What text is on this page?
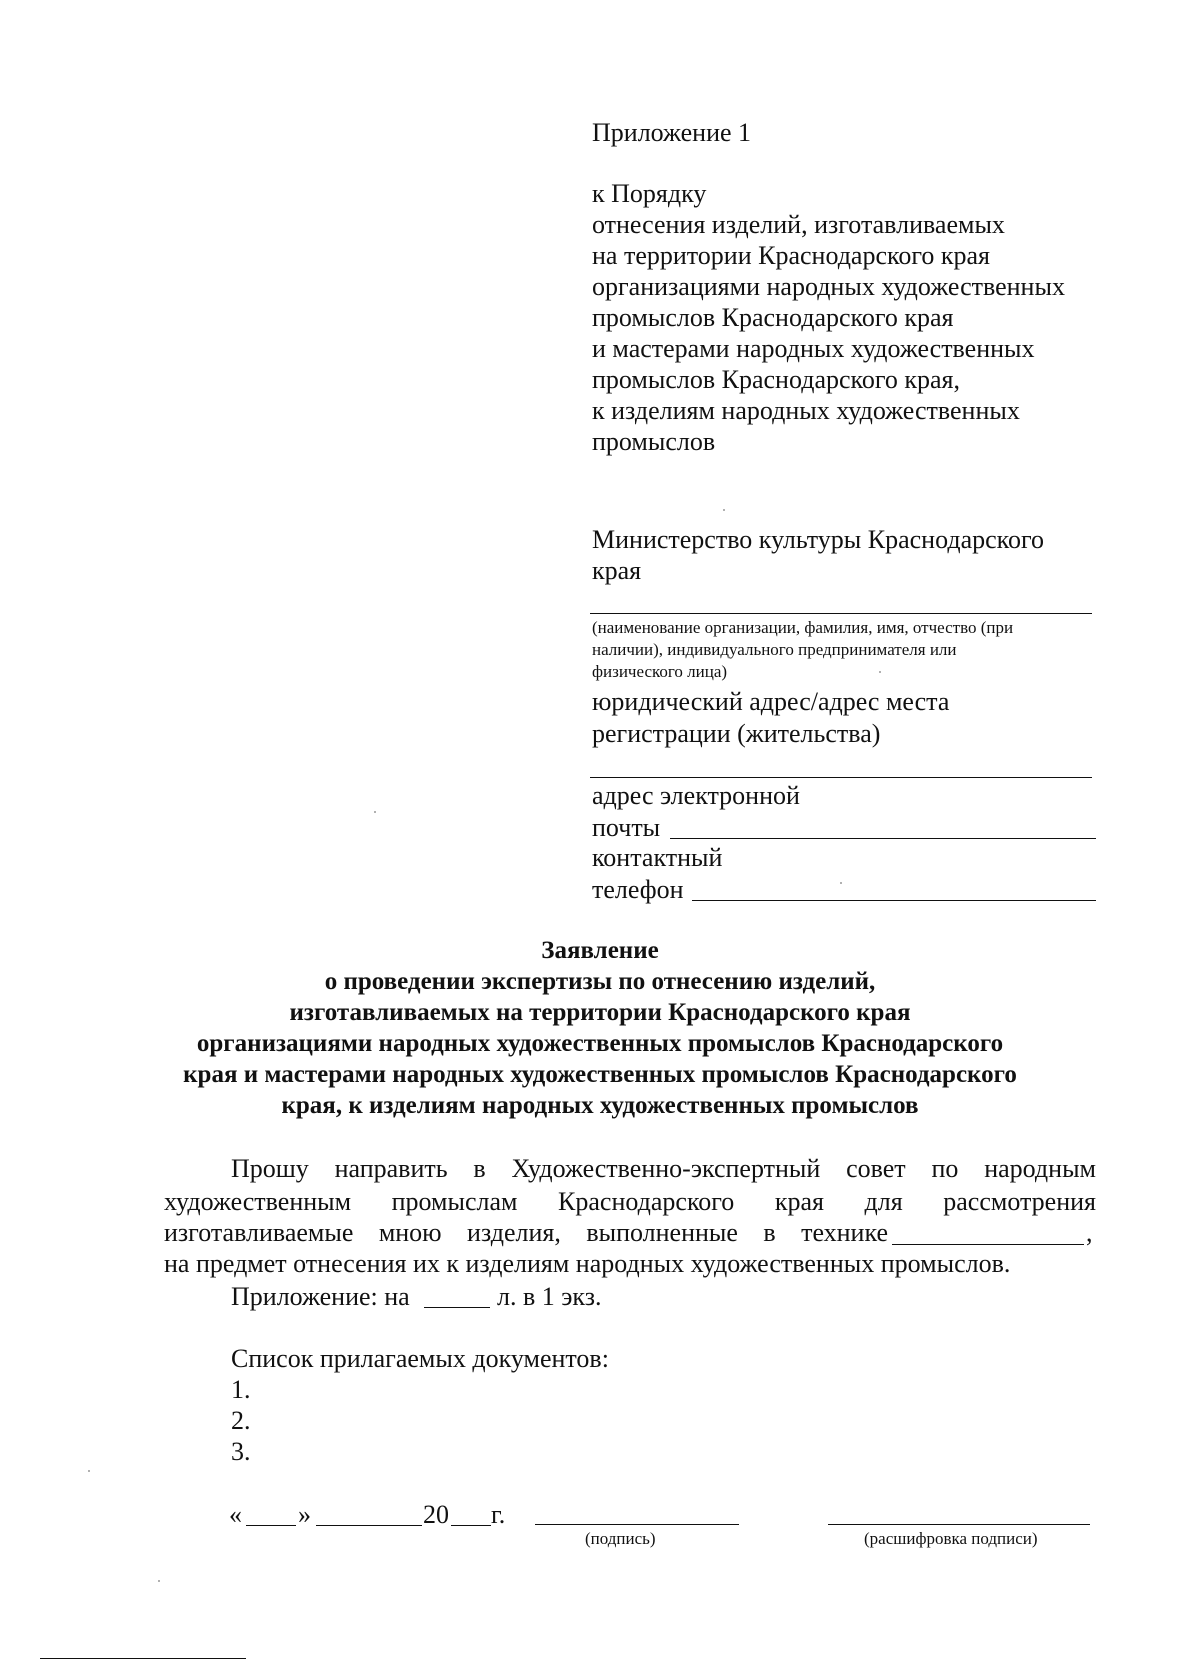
Приложение 1
к Порядку
отнесения изделий, изготавливаемых
на территории Краснодарского края
организациями народных художественных
промыслов Краснодарского края
и мастерами народных художественных
промыслов Краснодарского края,
к изделиям народных художественных
промыслов
Министерство культуры Краснодарского
края
(наименование организации, фамилия, имя, отчество (при
наличии), индивидуального предпринимателя или
физического лица)
юридический адрес/адрес места
регистрации (жительства)
адрес электронной
почты
контактный
телефон
Заявление
о проведении экспертизы по отнесению изделий,
изготавливаемых на территории Краснодарского края
организациями народных художественных промыслов Краснодарского
края и мастерами народных художественных промыслов Краснодарского
края, к изделиям народных художественных промыслов
Прошу направить в Художественно-экспертный совет по народным
художественным промыслам Краснодарского края для рассмотрения
изготавливаемые мною изделия, выполненные в технике	,
на предмет отнесения их к изделиям народных художественных промыслов.
Приложение: на	л. в 1 экз.
Список прилагаемых документов:
1.
2.
3.
« »	20 г.
(подпись)	(расшифровка подписи)
